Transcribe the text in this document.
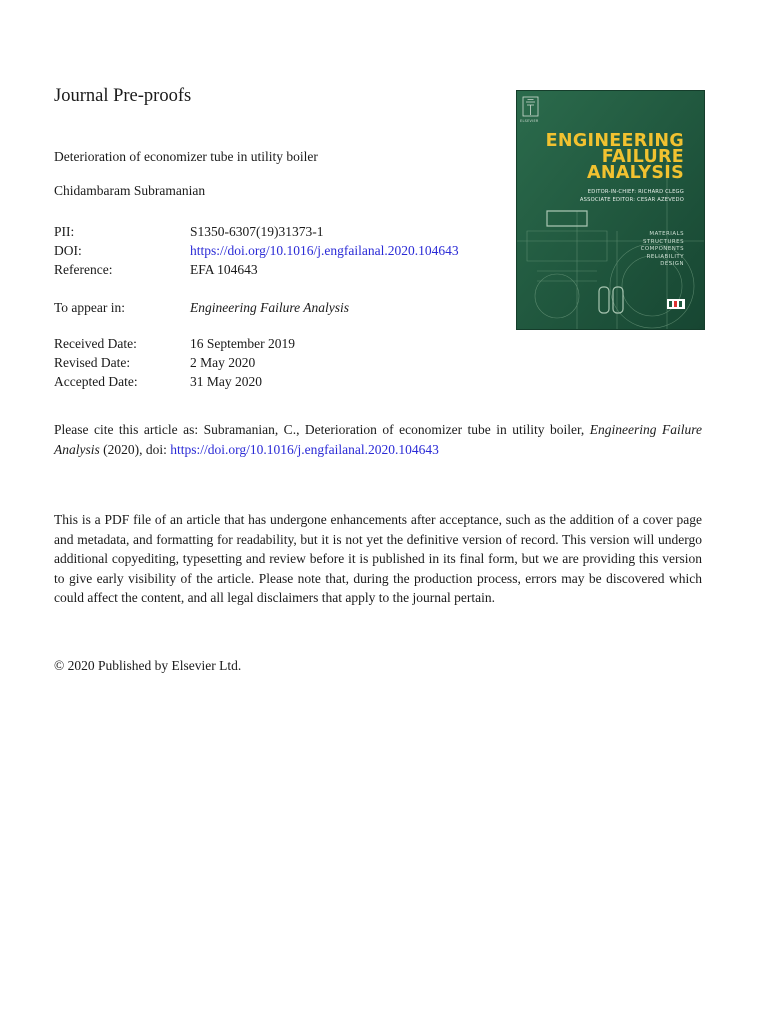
Journal Pre-proofs
Deterioration of economizer tube in utility boiler
Chidambaram Subramanian
PII:	S1350-6307(19)31373-1
DOI:	https://doi.org/10.1016/j.engfailanal.2020.104643
Reference:	EFA 104643
To appear in:	Engineering Failure Analysis
Received Date:	16 September 2019
Revised Date:	2 May 2020
Accepted Date:	31 May 2020
Please cite this article as: Subramanian, C., Deterioration of economizer tube in utility boiler, Engineering Failure Analysis (2020), doi: https://doi.org/10.1016/j.engfailanal.2020.104643
This is a PDF file of an article that has undergone enhancements after acceptance, such as the addition of a cover page and metadata, and formatting for readability, but it is not yet the definitive version of record. This version will undergo additional copyediting, typesetting and review before it is published in its final form, but we are providing this version to give early visibility of the article. Please note that, during the production process, errors may be discovered which could affect the content, and all legal disclaimers that apply to the journal pertain.
© 2020 Published by Elsevier Ltd.
ENGINEERING
FAILURE
ANALYSIS
EDITOR-IN-CHIEF: RICHARD CLEGG
ASSOCIATE EDITOR: CESAR AZEVEDO
MATERIALS
STRUCTURES
COMPONENTS
RELIABILITY
DESIGN
ELSEVIER
